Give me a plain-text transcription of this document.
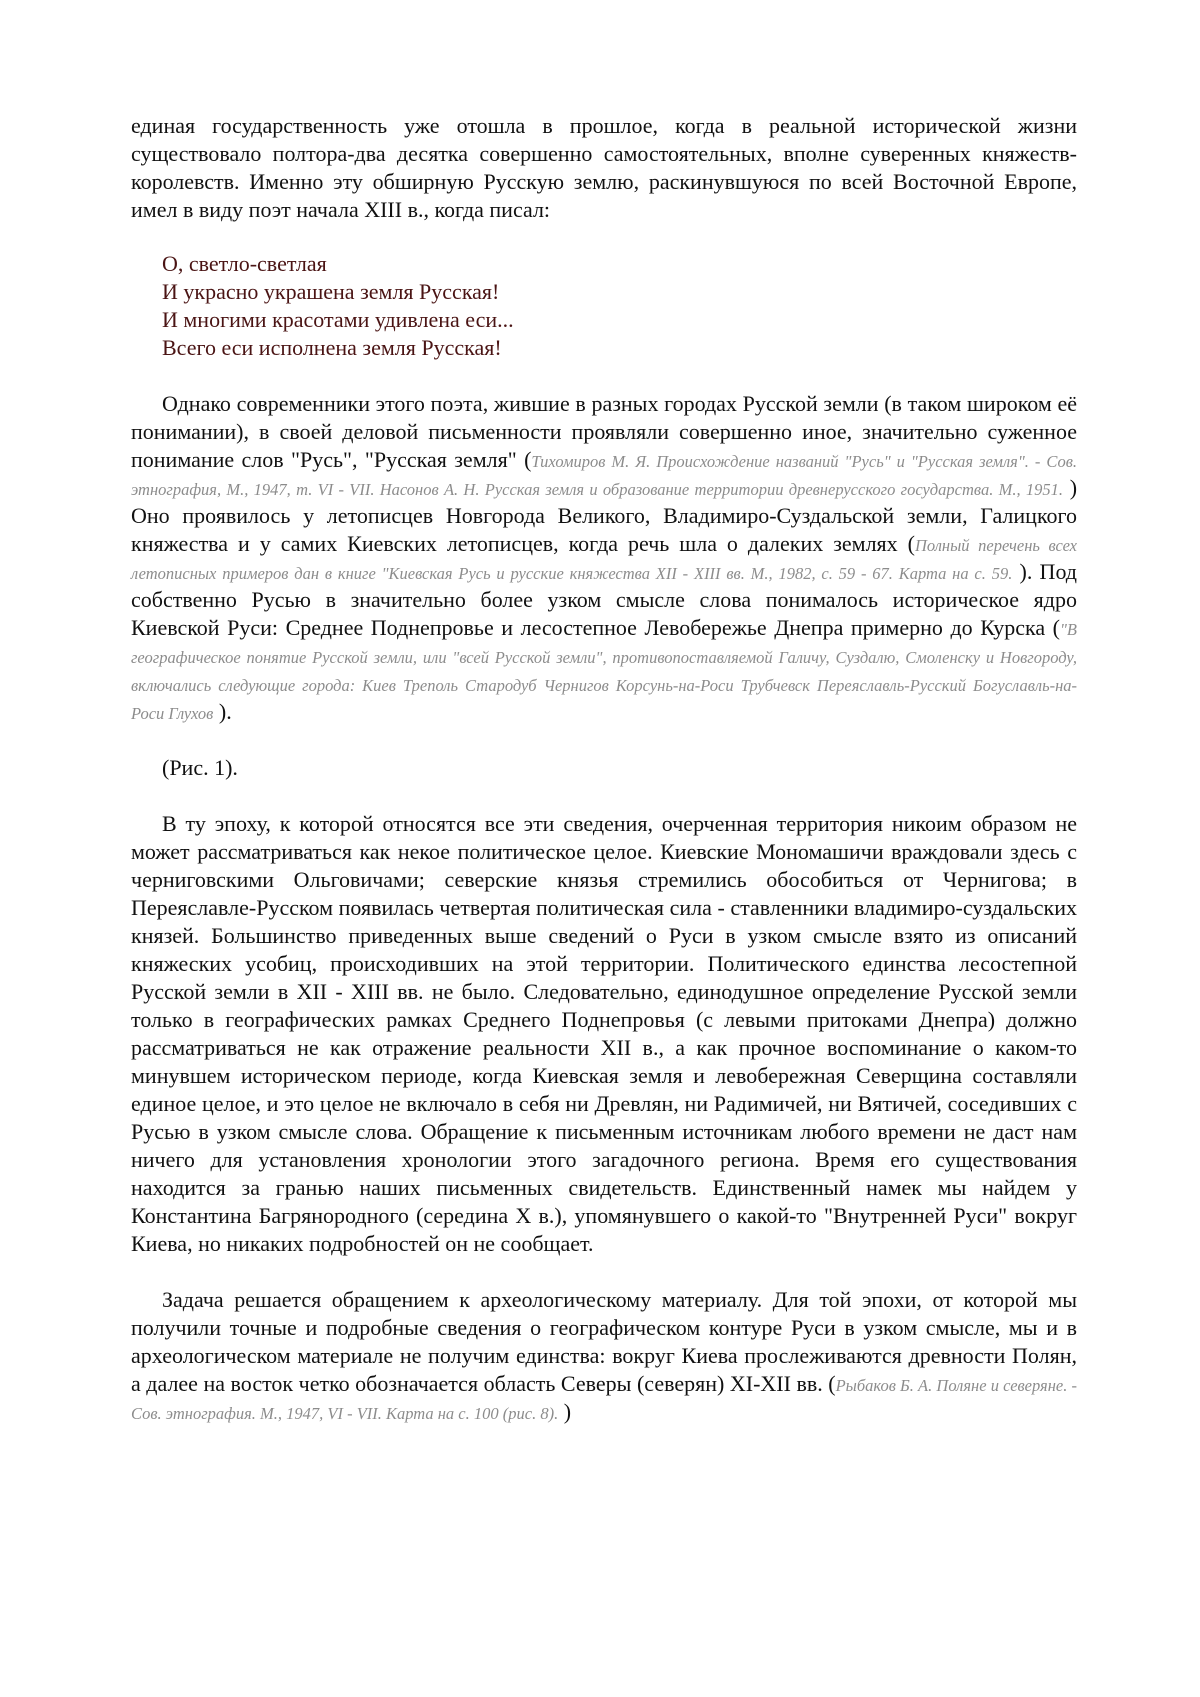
единая государственность уже отошла в прошлое, когда в реальной исторической жизни существовало полтора-два десятка совершенно самостоятельных, вполне суверенных княжеств-королевств. Именно эту обширную Русскую землю, раскинувшуюся по всей Восточной Европе, имел в виду поэт начала XIII в., когда писал:

О, светло-светлая
И украсно украшена земля Русская!
И многими красотами удивлена еси...
Всего еси исполнена земля Русская!

Однако современники этого поэта, жившие в разных городах Русской земли (в таком широком её понимании), в своей деловой письменности проявляли совершенно иное, значительно суженное понимание слов "Русь", "Русская земля" (Тихомиров М. Я. Происхождение названий "Русь" и "Русская земля". - Сов. этнография, М., 1947, т. VI - VII. Насонов А. Н. Русская земля и образование территории древнерусского государства. М., 1951. ) Оно проявилось у летописцев Новгорода Великого, Владимиро-Суздальской земли, Галицкого княжества и у самих Киевских летописцев, когда речь шла о далеких землях (Полный перечень всех летописных примеров дан в книге "Киевская Русь и русские княжества XII - XIII вв. М., 1982, с. 59 - 67. Карта на с. 59. ). Под собственно Русью в значительно более узком смысле слова понималось историческое ядро Киевской Руси: Среднее Поднепровье и лесостепное Левобережье Днепра примерно до Курска ("В географическое понятие Русской земли, или "всей Русской земли", противопоставляемой Галичу, Суздалю, Смоленску и Новгороду, включались следующие города: Киев Треполь Стародуб Чернигов Корсунь-на-Роси Трубчевск Переяславль-Русский Богуславль-на-Роси Глухов ).

(Рис. 1).

В ту эпоху, к которой относятся все эти сведения, очерченная территория никоим образом не может рассматриваться как некое политическое целое. Киевские Мономашичи враждовали здесь с черниговскими Ольговичами; северские князья стремились обособиться от Чернигова; в Переяславле-Русском появилась четвертая политическая сила - ставленники владимиро-суздальских князей. Большинство приведенных выше сведений о Руси в узком смысле взято из описаний княжеских усобиц, происходивших на этой территории. Политического единства лесостепной Русской земли в XII - XIII вв. не было. Следовательно, единодушное определение Русской земли только в географических рамках Среднего Поднепровья (с левыми притоками Днепра) должно рассматриваться не как отражение реальности XII в., а как прочное воспоминание о каком-то минувшем историческом периоде, когда Киевская земля и левобережная Северщина составляли единое целое, и это целое не включало в себя ни Древлян, ни Радимичей, ни Вятичей, соседивших с Русью в узком смысле слова. Обращение к письменным источникам любого времени не даст нам ничего для установления хронологии этого загадочного региона. Время его существования находится за гранью наших письменных свидетельств. Единственный намек мы найдем у Константина Багрянородного (середина X в.), упомянувшего о какой-то "Внутренней Руси" вокруг Киева, но никаких подробностей он не сообщает.

Задача решается обращением к археологическому материалу. Для той эпохи, от которой мы получили точные и подробные сведения о географическом контуре Руси в узком смысле, мы и в археологическом материале не получим единства: вокруг Киева прослеживаются древности Полян, а далее на восток четко обозначается область Северы (северян) XI-XII вв. (Рыбаков Б. А. Поляне и северяне. - Сов. этнография. М., 1947, VI - VII. Карта на с. 100 (рис. 8). )
